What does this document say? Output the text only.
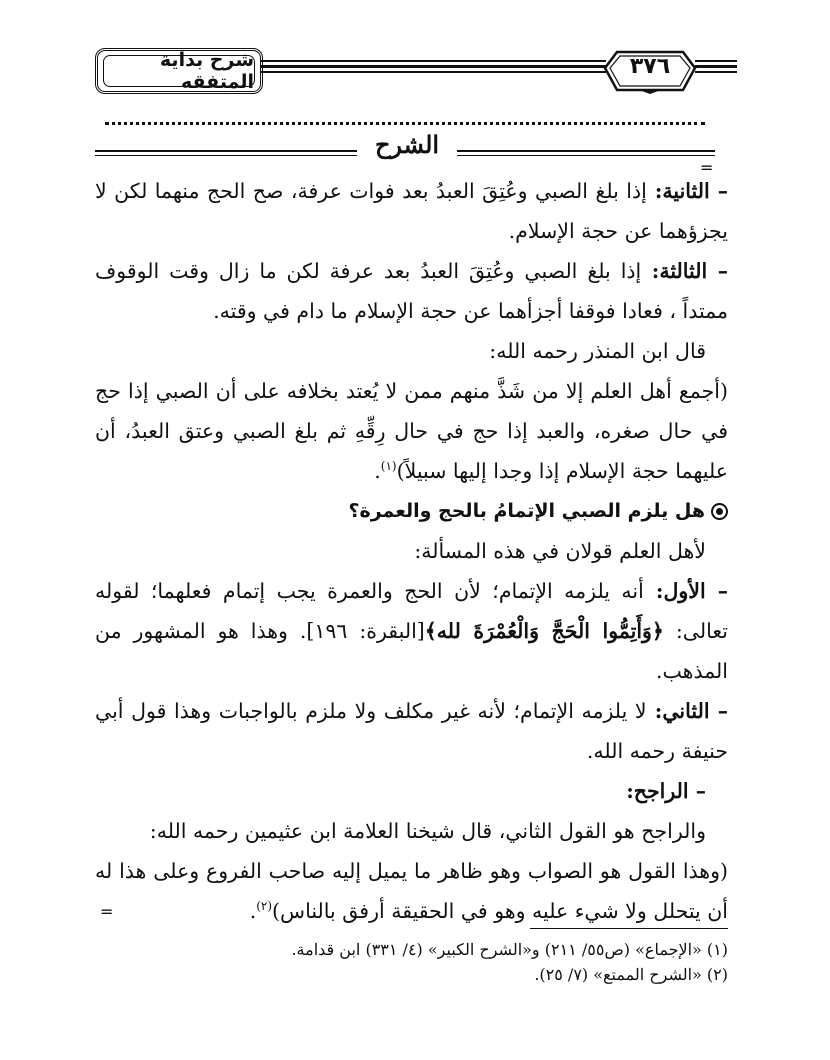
شرح بداية المتفقه
٣٧٦
الشرح
=

– الثانية: إذا بلغ الصبي وعُتِقَ العبدُ بعد فوات عرفة، صح الحج منهما لكن لا يجزؤهما عن حجة الإسلام.

– الثالثة: إذا بلغ الصبي وعُتِقَ العبدُ بعد عرفة لكن ما زال وقت الوقوف ممتداً ، فعادا فوقفا أجزأهما عن حجة الإسلام ما دام في وقته.

قال ابن المنذر رحمه الله:

(أجمع أهل العلم إلا من شَذَّ منهم ممن لا يُعتد بخلافه على أن الصبي إذا حج في حال صغره، والعبد إذا حج في حال رِقِّهِ ثم بلغ الصبي وعتق العبدُ، أن عليهما حجة الإسلام إذا وجدا إليها سبيلاً)$^{(١)}$.

هل يلزم الصبي الإتمامُ بالحج والعمرة؟

لأهل العلم قولان في هذه المسألة:

– الأول: أنه يلزمه الإتمام؛ لأن الحج والعمرة يجب إتمام فعلهما؛ لقوله تعالى: ﴿وَأَتِمُّوا الْحَجَّ وَالْعُمْرَةَ لله﴾[البقرة: ١٩٦]. وهذا هو المشهور من المذهب.

– الثاني: لا يلزمه الإتمام؛ لأنه غير مكلف ولا ملزم بالواجبات وهذا قول أبي حنيفة رحمه الله.

– الراجح:

والراجح هو القول الثاني، قال شيخنا العلامة ابن عثيمين رحمه الله:

(وهذا القول هو الصواب وهو ظاهر ما يميل إليه صاحب الفروع وعلى هذا له أن يتحلل ولا شيء عليه وهو في الحقيقة أرفق بالناس)$^{(٢)}$.

=

(١) «الإجماع» (ص٥٥/ ٢١١) و«الشرح الكبير» (٤/ ٣٣١) ابن قدامة.

(٢) «الشرح الممتع» (٧/ ٢٥).
